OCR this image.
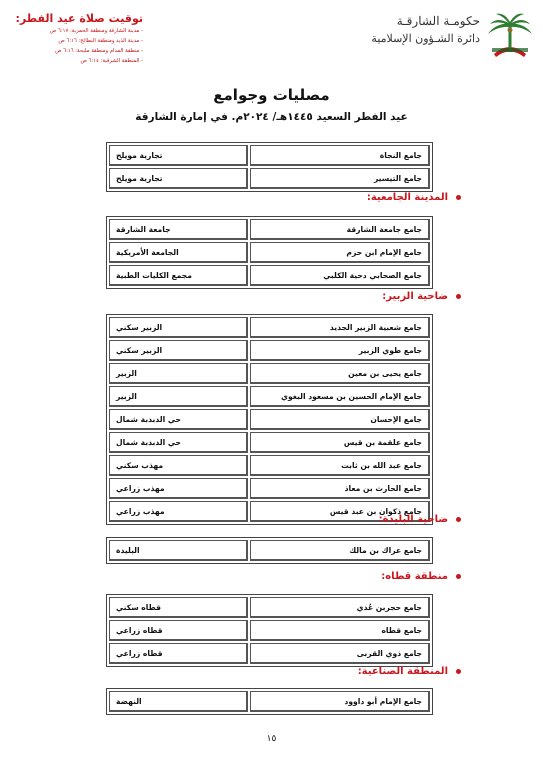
توقيت صلاة عيد الفطر:
- مدينة الشارقة ومنطقة الحمرية: ٦:١٧ ص
- مدينة الذيد ومنطقة البطائح: ٦:١٦ ص
- منطقة المدام ومنطقة مليحة: ٦:١٦ ص
- المنطقة الشرقية: ٦:١٤ ص
حكومـة الشارقـة
دائرة الشـؤون الإسلامية
مصليات وجوامع
عيد الفطر السعيد ١٤٤٥هـ/ ٢٠٢٤م. في إمارة الشارقة
جامع النجاة	تجارية مويلح
جامع التيسير	تجارية مويلح
المدينة الجامعية:
جامع جامعة الشارقة	جامعة الشارقة
جامع الإمام ابن حزم	الجامعة الأمريكية
جامع الصحابي دحية الكلبي	مجمع الكليات الطبية
ضاحية الزبير:
جامع شعبية الزبير الجديد	الزبير سكني
جامع طوي الزبير	الزبير سكني
جامع يحيى بن معين	الزبير
جامع الإمام الحسين بن مسعود البغوي	الزبير
جامع الإحسان	حي الدبدبة شمال
جامع علقمة بن قيس	حي الدبدبة شمال
جامع عبد الله بن ثابت	مهذب سكني
جامع الحارث بن معاذ	مهذب زراعي
جامع ذكوان بن عبد قيس	مهذب زراعي
ضاحية البليدة:
جامع عراك بن مالك	البليدة
منطقة قطاه:
جامع حجربن عُدي	قطاه سكني
جامع قطاه	قطاه زراعي
جامع ذوي القربى	قطاه زراعي
المنطقة الصناعية:
جامع الإمام أبو داوود	النهضة
١٥
